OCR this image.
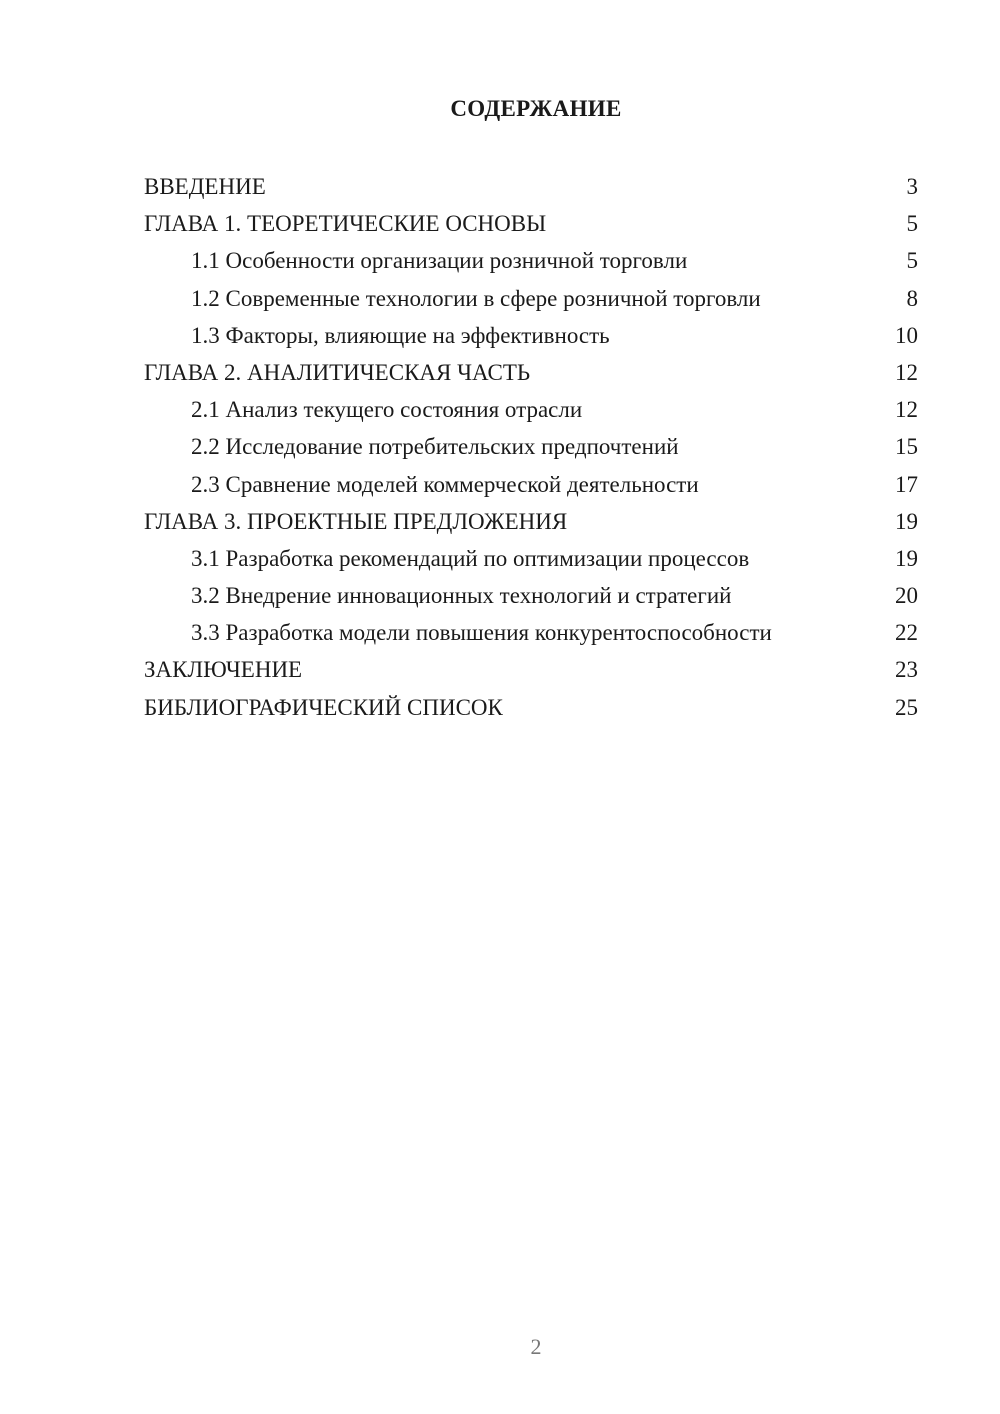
СОДЕРЖАНИЕ
ВВЕДЕНИЕ	3
ГЛАВА 1. ТЕОРЕТИЧЕСКИЕ ОСНОВЫ	5
1.1 Особенности организации розничной торговли	5
1.2 Современные технологии в сфере розничной торговли	8
1.3 Факторы, влияющие на эффективность	10
ГЛАВА 2. АНАЛИТИЧЕСКАЯ ЧАСТЬ	12
2.1 Анализ текущего состояния отрасли	12
2.2 Исследование потребительских предпочтений	15
2.3 Сравнение моделей коммерческой деятельности	17
ГЛАВА 3. ПРОЕКТНЫЕ ПРЕДЛОЖЕНИЯ	19
3.1 Разработка рекомендаций по оптимизации процессов	19
3.2 Внедрение инновационных технологий и стратегий	20
3.3 Разработка модели повышения конкурентоспособности	22
ЗАКЛЮЧЕНИЕ	23
БИБЛИОГРАФИЧЕСКИЙ СПИСОК	25
2
